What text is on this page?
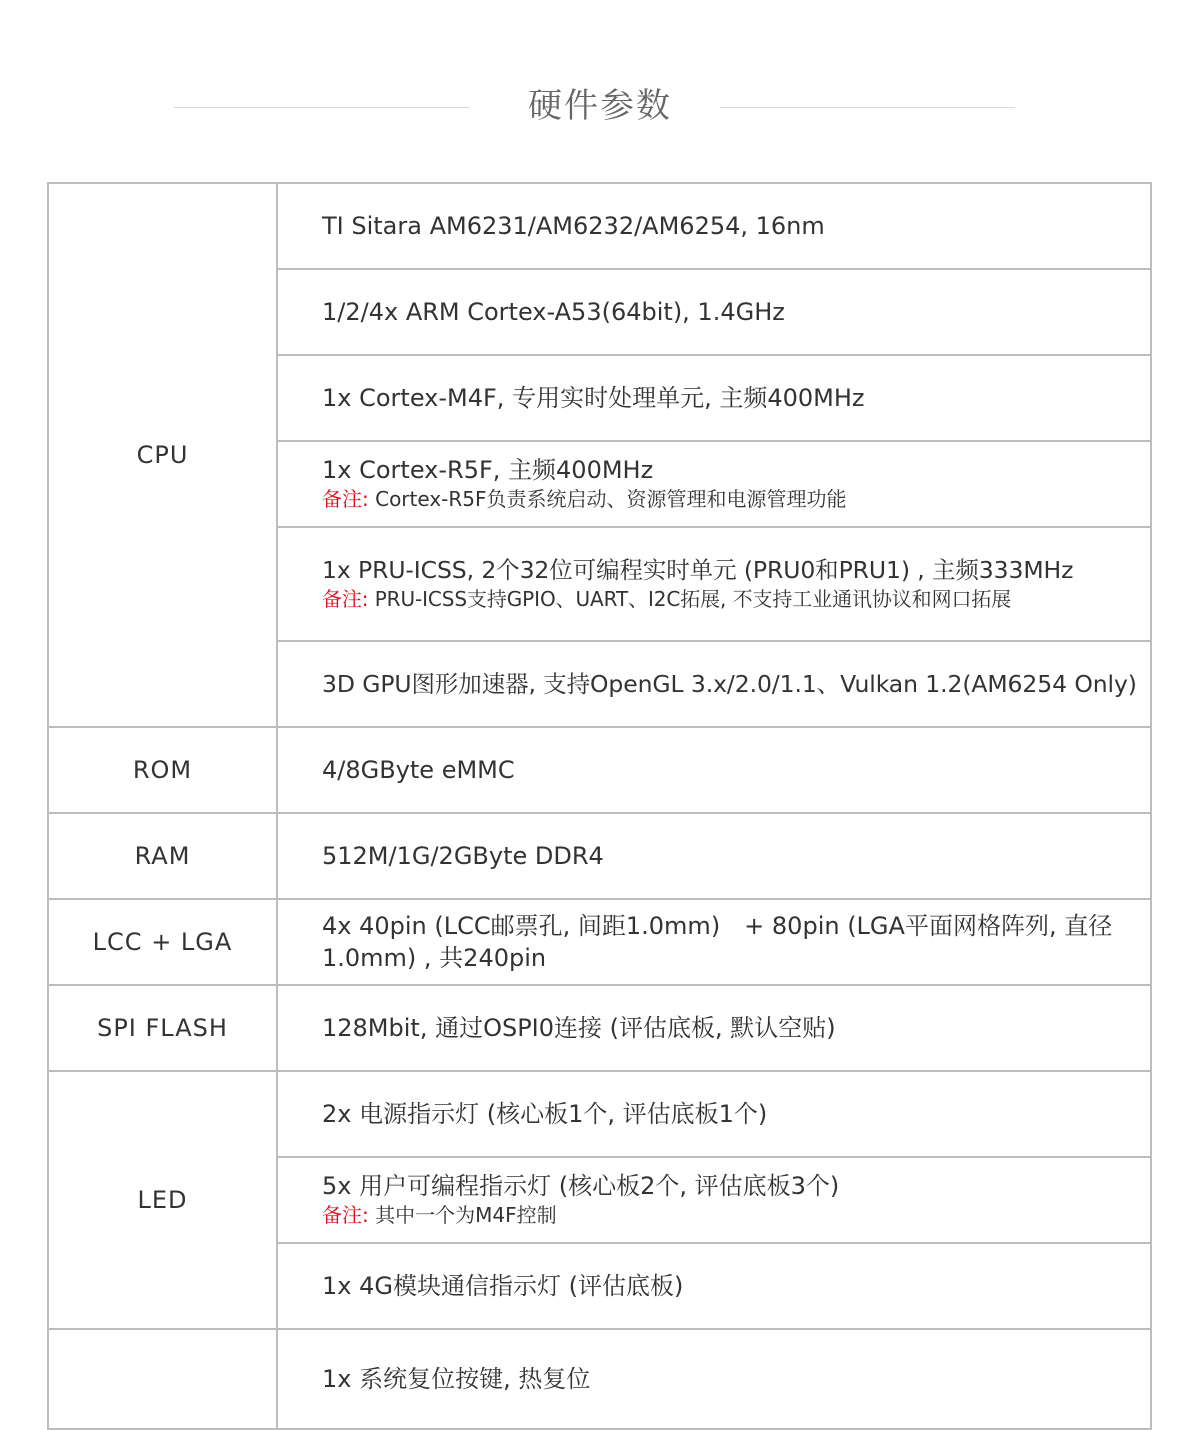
硬件参数
CPU	TI Sitara AM6231/AM6232/AM6254, 16nm
	1/2/4x ARM Cortex-A53(64bit), 1.4GHz
	1x Cortex-M4F, 专用实时处理单元, 主频400MHz

	1x Cortex-R5F, 主频400MHz
备注: Cortex-R5F负责系统启动、资源管理和电源管理功能

	1x PRU-ICSS, 2个32位可编程实时单元 (PRU0和PRU1) , 主频333MHz
备注: PRU-ICSS支持GPIO、UART、I2C拓展, 不支持工业通讯协议和网口拓展

	3D GPU图形加速器, 支持OpenGL 3.x/2.0/1.1、Vulkan 1.2(AM6254 Only)
ROM	4/8GByte eMMC
RAM	512M/1G/2GByte DDR4
LCC + LGA	4x 40pin (LCC邮票孔, 间距1.0mm)　+ 80pin (LGA平面网格阵列, 直径1.0mm) , 共240pin
SPI FLASH	128Mbit, 通过OSPI0连接 (评估底板, 默认空贴)
LED	2x 电源指示灯 (核心板1个, 评估底板1个)

	5x 用户可编程指示灯 (核心板2个, 评估底板3个)
备注: 其中一个为M4F控制

	1x 4G模块通信指示灯 (评估底板)
	1x 系统复位按键, 热复位
